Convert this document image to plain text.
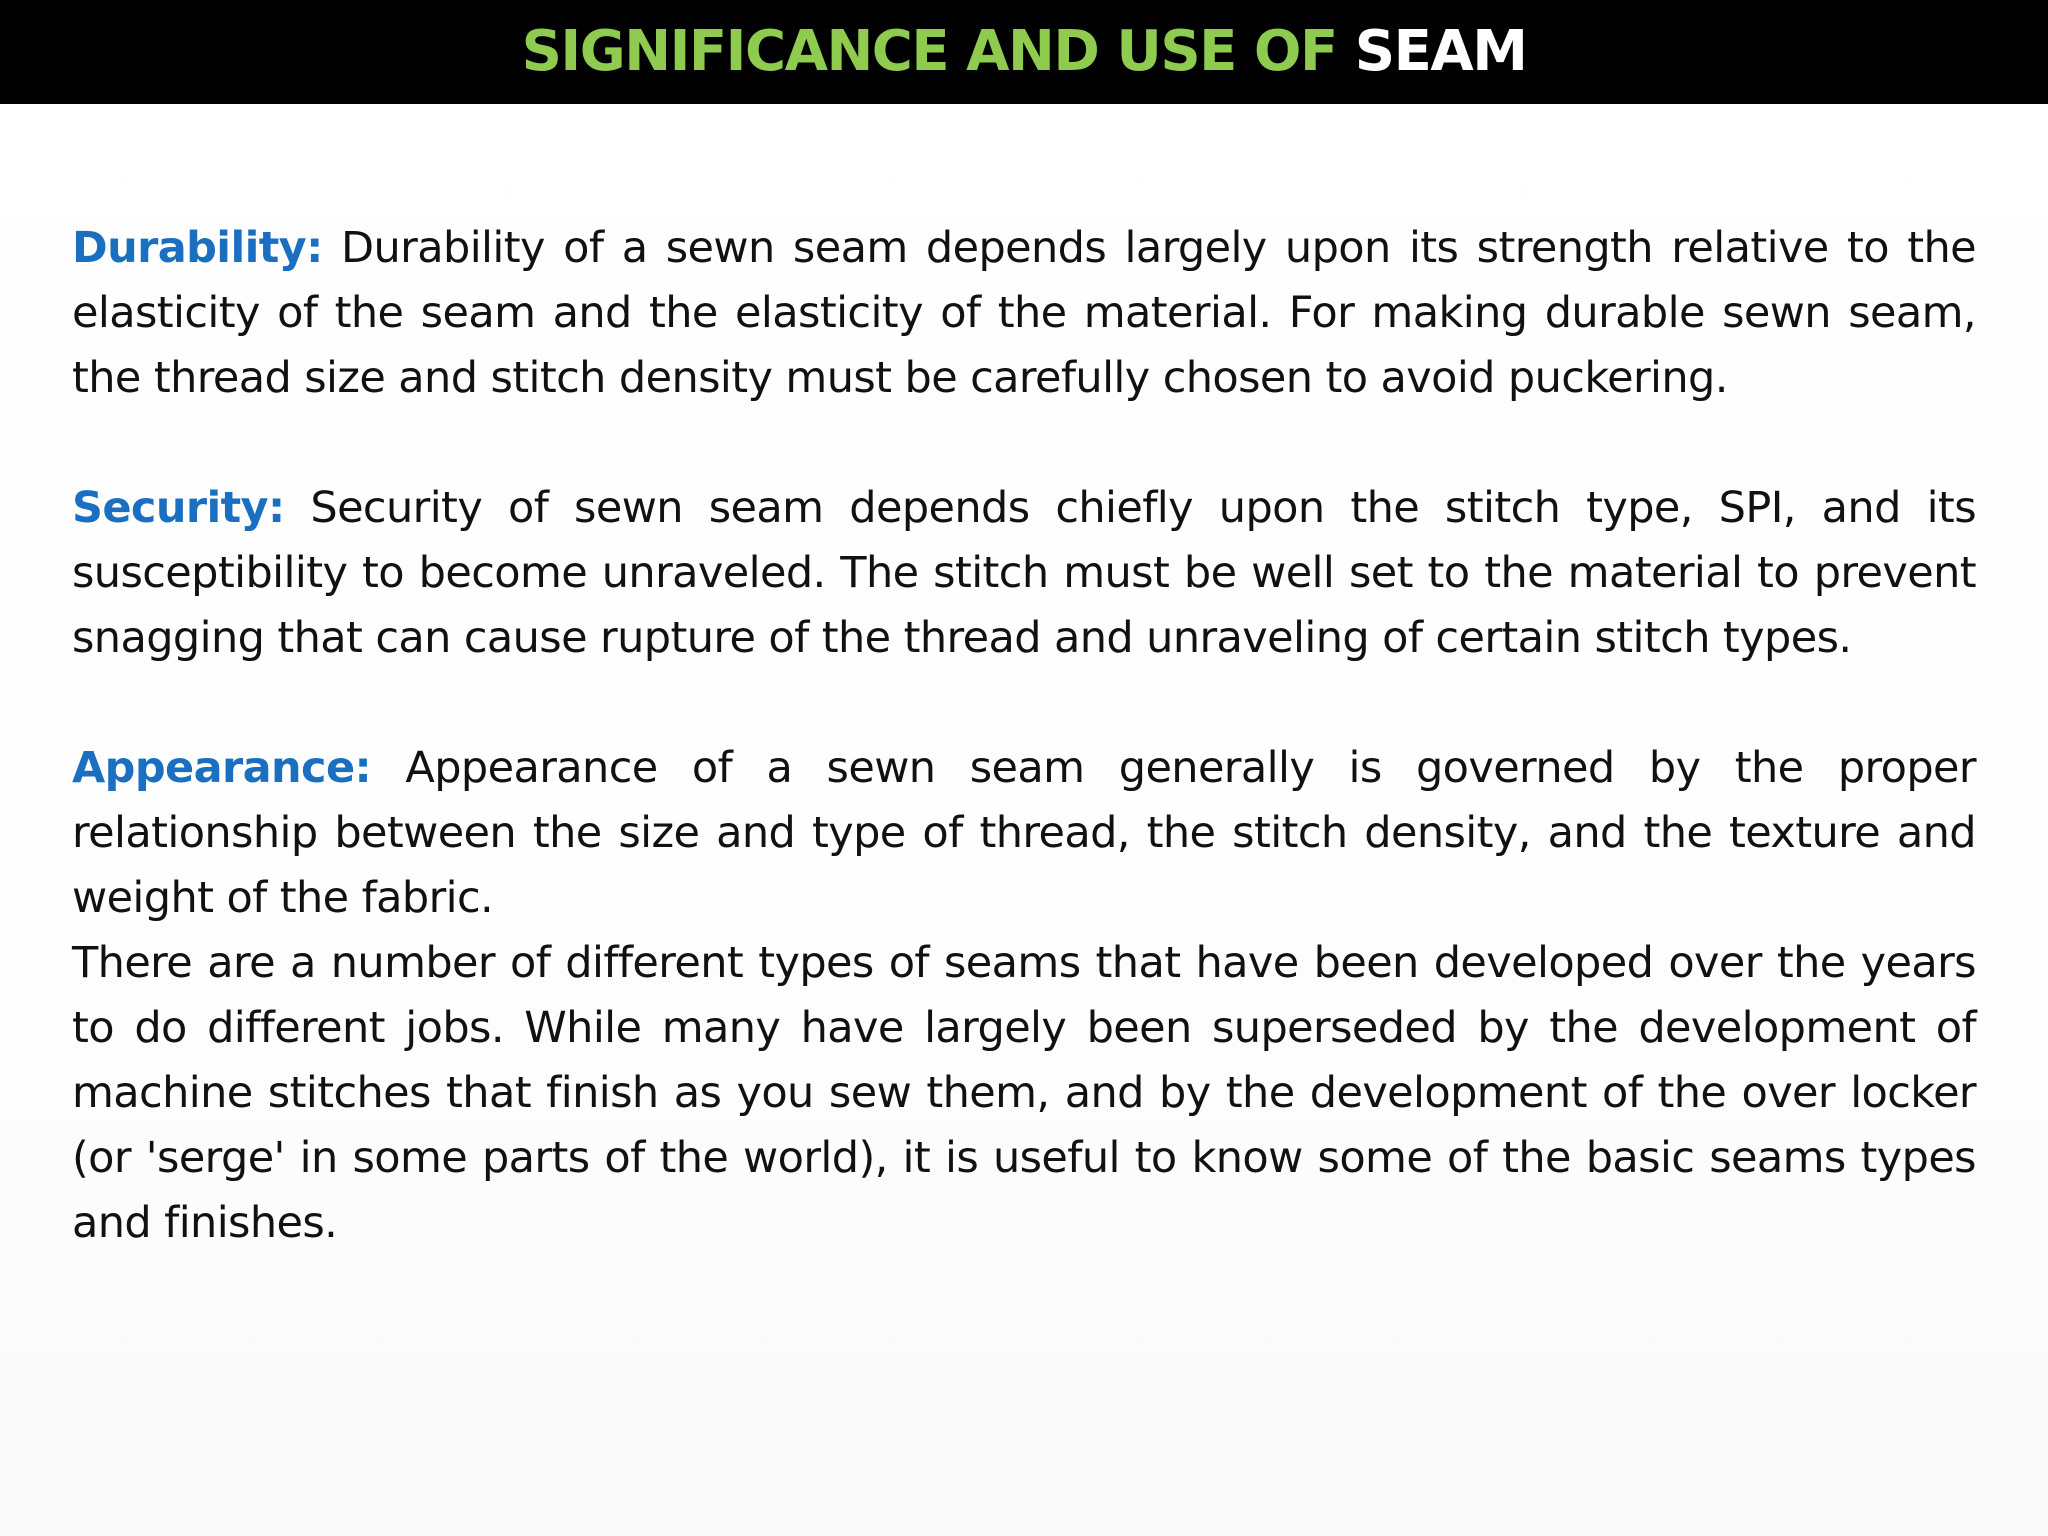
SIGNIFICANCE AND USE OF SEAM

Durability: Durability of a sewn seam depends largely upon its strength relative to the elasticity of the seam and the elasticity of the material. For making durable sewn seam, the thread size and stitch density must be carefully chosen to avoid puckering.

Security: Security of sewn seam depends chiefly upon the stitch type, SPI, and its susceptibility to become unraveled. The stitch must be well set to the material to prevent snagging that can cause rupture of the thread and unraveling of certain stitch types.

Appearance: Appearance of a sewn seam generally is governed by the proper relationship between the size and type of thread, the stitch density, and the texture and weight of the fabric.

There are a number of different types of seams that have been developed over the years to do different jobs. While many have largely been superseded by the development of machine stitches that finish as you sew them, and by the development of the over locker (or 'serge' in some parts of the world), it is useful to know some of the basic seams types and finishes.
